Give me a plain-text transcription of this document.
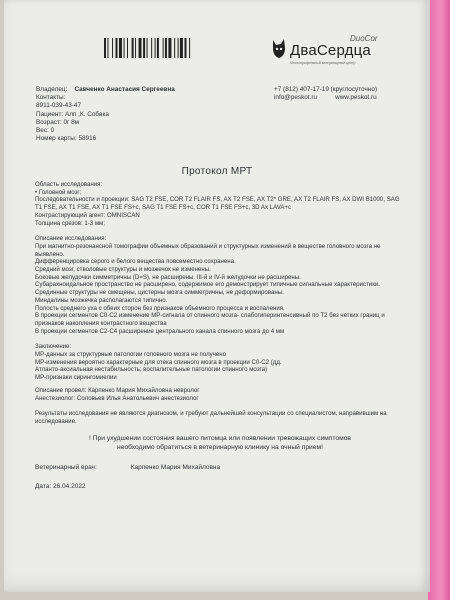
DuoCor
ДваСердца
Многопрофильный ветеринарный центр
Владелец: Савченко Анастасия Сергеевна
Контакты:
8911-039-43-47
Пациент: Алп ,К. Собака
Возраст: 0г 8м
Вес: 0
Номер карты: 58916
+7 (812) 407-17-19 (круглосуточно)
info@peskot.ru	www.peskot.ru
Протокол МРТ

Область исследования:

• Головной мозг;

Последовательности и проекции: SAG T2 FSE, COR T2 FLAIR FS, AX T2 FSE, AX T2* GRE, AX T2 FLAIR FS, AX DWI B1000, SAG T1 FSE, AX T1 FSE, AX T1 FSE FS+c, SAG T1 FSE FS+c, COR T1 FSE FS+c, 3D Ax LAVA+c

Контрастирующий агент: OMNISCAN

Толщина срезов: 1-3 мм;

Описание исследования:

При магнитно-резонансной томографии объемных образований и структурных изменений в веществе головного мозга не выявлено.

Дифференцировка серого и белого вещества повсеместно сохранена.

Средний мозг, стволовые структуры и мозжечок не изменены.

Боковые желудочки симметричны (D=S), не расширены. III-й и IV-й желудочки не расширены.

Субарахноидальное пространство не расширено, содержимое его демонстрирует типичные сигнальные характеристики.

Срединные структуры не смещены, цистерны мозга симметричны, не деформированы.

Миндалины мозжечка располагаются типично.

Полость среднего уха с обеих сторон без признаков объемного процесса и воспаления.

В проекции сегментов C0-C2 изменение МР-сигнала от спинного мозга- слабогиперинтенсивный по T2 без четких границ и признаков накопления контрастного вещества

В проекции сегментов C2-C4 расширение центрального канала спинного мозга до 4 мм

Заключение:

МР-данных за структурные патологии головного мозга не получено

МР-изменения вероятно характерные для отека спинного мозга в проекции C0-C2 (дд.

Атланто-аксиальная нестабильность; воспалительные патологии спинного мозга)

МР-признаки сирингомиелии

Описание провел: Карпенко Мария Михайловна невролог

Анестезиолог: Соловьев Илья Анатольевич анестезиолог

Результаты исследования не являются диагнозом, и требуют дальнейшей консультации со специалистом, направившим на исследование.

! При ухудшении состояния вашего питомца или появлении тревожащих симптомов
необходимо обратиться в ветеринарную клинику на очный прием!
Ветеринарный врач:	Карпенко Мария Михайловна
Дата: 26.04.2022
